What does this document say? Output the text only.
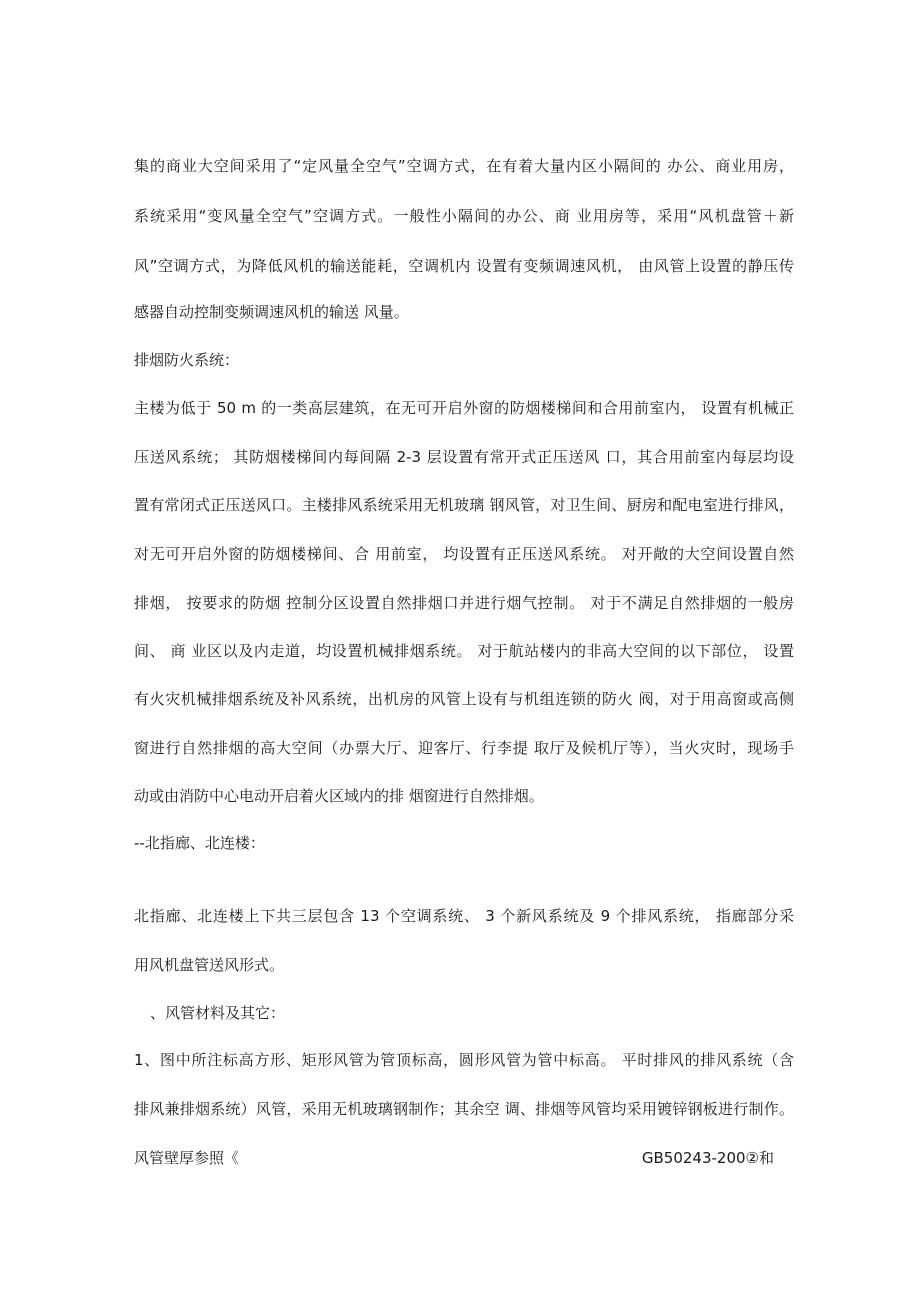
集的商业大空间采用了“定风量全空气”空调方式，在有着大量内区小隔间的 办公、商业用房，
系统采用“变风量全空气”空调方式。一般性小隔间的办公、商 业用房等，采用“风机盘管＋新
风”空调方式，为降低风机的输送能耗，空调机内 设置有变频调速风机， 由风管上设置的静压传
感器自动控制变频调速风机的输送 风量。
排烟防火系统：
主楼为低于 50 m 的一类高层建筑，在无可开启外窗的防烟楼梯间和合用前室内， 设置有机械正
压送风系统； 其防烟楼梯间内每间隔 2-3 层设置有常开式正压送风 口，其合用前室内每层均设
置有常闭式正压送风口。主楼排风系统采用无机玻璃 钢风管，对卫生间、厨房和配电室进行排风，
对无可开启外窗的防烟楼梯间、合 用前室， 均设置有正压送风系统。 对开敞的大空间设置自然
排烟， 按要求的防烟 控制分区设置自然排烟口并进行烟气控制。 对于不满足自然排烟的一般房
间、 商 业区以及内走道，均设置机械排烟系统。 对于航站楼内的非高大空间的以下部位， 设置
有火灾机械排烟系统及补风系统，出机房的风管上设有与机组连锁的防火 阀，对于用高窗或高侧
窗进行自然排烟的高大空间（办票大厅、迎客厅、行李提 取厅及候机厅等），当火灾时，现场手
动或由消防中心电动开启着火区域内的排 烟窗进行自然排烟。
--北指廊、北连楼：
北指廊、北连楼上下共三层包含 13 个空调系统、 3 个新风系统及 9 个排风系统， 指廊部分采
用风机盘管送风形式。
、风管材料及其它：
1、图中所注标高方形、矩形风管为管顶标高，圆形风管为管中标高。 平时排风的排风系统（含
排风兼排烟系统）风管，采用无机玻璃钢制作；其余空 调、排烟等风管均采用镀锌钢板进行制作。
风管壁厚参照《	GB50243-200②和
